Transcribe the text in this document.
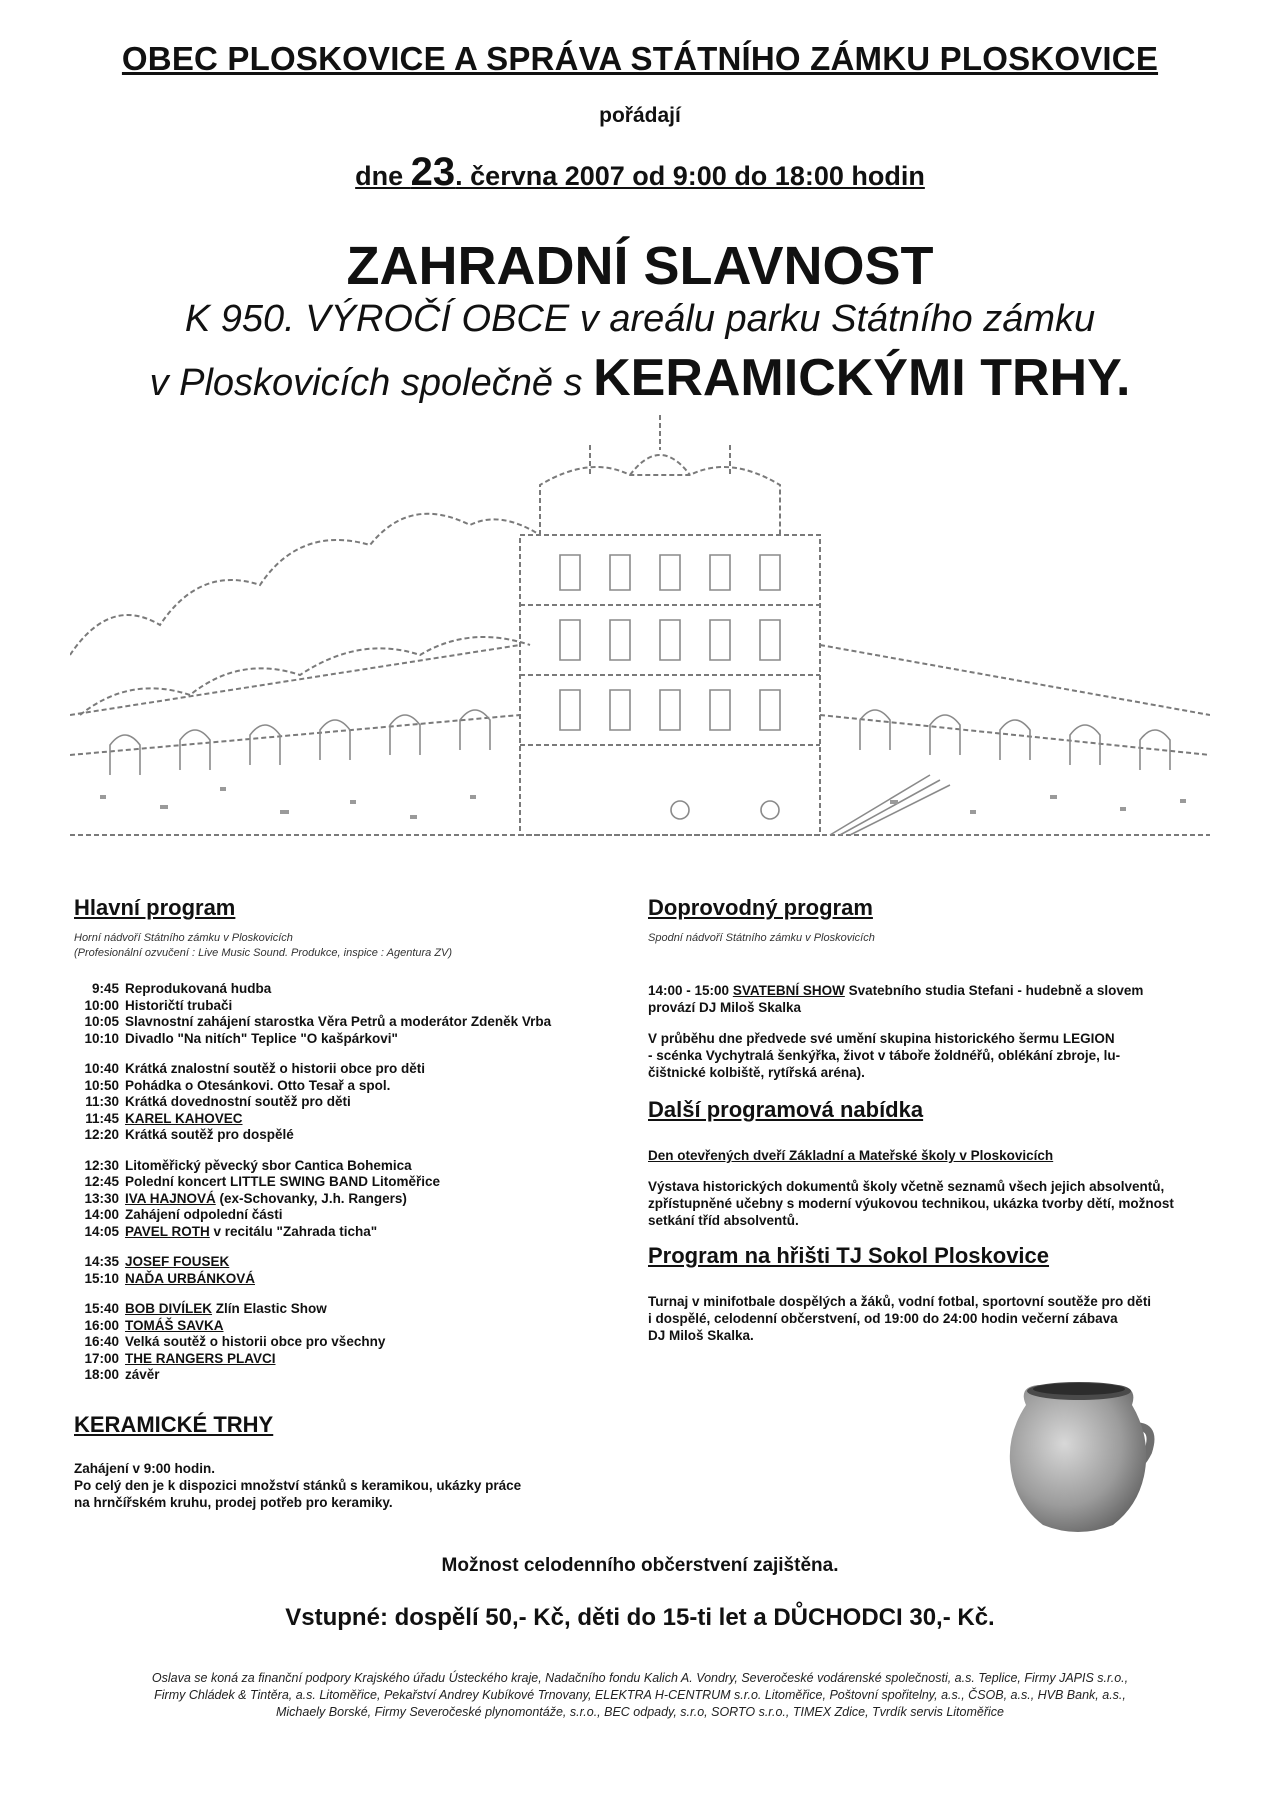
OBEC PLOSKOVICE A SPRÁVA STÁTNÍHO ZÁMKU PLOSKOVICE
pořádají
dne 23. června 2007 od 9:00 do 18:00 hodin
ZAHRADNÍ SLAVNOST
K 950. VÝROČÍ OBCE v areálu parku Státního zámku
v Ploskovicích společně s KERAMICKÝMI TRHY.
Hlavní program
Horní nádvoří Státního zámku v Ploskovicích
(Profesionální ozvučení : Live Music Sound. Produkce, inspice : Agentura ZV)
9:45 Reprodukovaná hudba
10:00 Historičtí trubači
10:05 Slavnostní zahájení starostka Věra Petrů a moderátor Zdeněk Vrba
10:10 Divadlo "Na nitích" Teplice "O kašpárkovi"
10:40 Krátká znalostní soutěž o historii obce pro děti
10:50 Pohádka o Otesánkovi. Otto Tesař a spol.
11:30 Krátká dovednostní soutěž pro děti
11:45 KAREL KAHOVEC
12:20 Krátká soutěž pro dospělé
12:30 Litoměřický pěvecký sbor Cantica Bohemica
12:45 Polední koncert LITTLE SWING BAND Litoměřice
13:30 IVA HAJNOVÁ (ex-Schovanky, J.h. Rangers)
14:00 Zahájení odpolední části
14:05 PAVEL ROTH v recitálu "Zahrada ticha"
14:35 JOSEF FOUSEK
15:10 NAĎA URBÁNKOVÁ
15:40 BOB DIVÍLEK Zlín Elastic Show
16:00 TOMÁŠ SAVKA
16:40 Velká soutěž o historii obce pro všechny
17:00 THE RANGERS PLAVCI
18:00 závěr
KERAMICKÉ TRHY
Zahájení v 9:00 hodin.
Po celý den je k dispozici množství stánků s keramikou, ukázky práce
na hrnčířském kruhu, prodej potřeb pro keramiky.
Doprovodný program
Spodní nádvoří Státního zámku v Ploskovicích
14:00 - 15:00 SVATEBNÍ SHOW Svatebního studia Stefani - hudebně a slovem
provází DJ Miloš Skalka
V průběhu dne předvede své umění skupina historického šermu LEGION
- scénka Vychytralá šenkýřka, život v táboře žoldnéřů, oblékání zbroje, lu-
čištnické kolbiště, rytířská aréna).
Další programová nabídka
Den otevřených dveří Základní a Mateřské školy v Ploskovicích
Výstava historických dokumentů školy včetně seznamů všech jejich absolventů,
zpřístupněné učebny s moderní výukovou technikou, ukázka tvorby dětí, možnost
setkání tříd absolventů.
Program na hřišti TJ Sokol Ploskovice
Turnaj v minifotbale dospělých a žáků, vodní fotbal, sportovní soutěže pro děti
i dospělé, celodenní občerstvení, od 19:00 do 24:00 hodin večerní zábava
DJ Miloš Skalka.
Možnost celodenního občerstvení zajištěna.
Vstupné: dospělí 50,- Kč, děti do 15-ti let a DŮCHODCI 30,- Kč.
Oslava se koná za finanční podpory Krajského úřadu Ústeckého kraje, Nadačního fondu Kalich A. Vondry, Severočeské vodárenské společnosti, a.s. Teplice, Firmy JAPIS s.r.o.,
Firmy Chládek & Tintěra, a.s. Litoměřice, Pekařství Andrey Kubíkové Trnovany, ELEKTRA H-CENTRUM s.r.o. Litoměřice, Poštovní spořitelny, a.s., ČSOB, a.s., HVB Bank, a.s.,
Michaely Borské, Firmy Severočeské plynomontáže, s.r.o., BEC odpady, s.r.o, SORTO s.r.o., TIMEX Zdice, Tvrdík servis Litoměřice
